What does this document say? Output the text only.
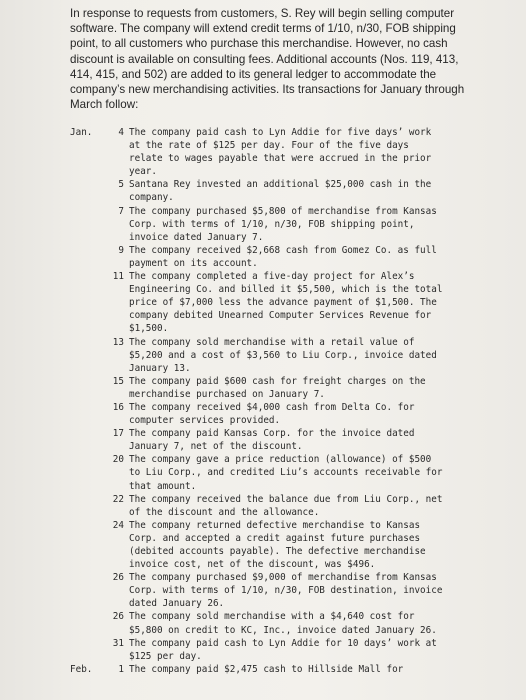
In response to requests from customers, S. Rey will begin selling computer software. The company will extend credit terms of 1/10, n/30, FOB shipping point, to all customers who purchase this merchandise. However, no cash discount is available on consulting fees. Additional accounts (Nos. 119, 413, 414, 415, and 502) are added to its general ledger to accommodate the company’s new merchandising activities. Its transactions for January through March follow:
Jan.	4 The company paid cash to Lyn Addie for five days’ work
at the rate of $125 per day. Four of the five days
relate to wages payable that were accrued in the prior
year.
5 Santana Rey invested an additional $25,000 cash in the
company.
7 The company purchased $5,800 of merchandise from Kansas
Corp. with terms of 1/10, n/30, FOB shipping point,
invoice dated January 7.
9 The company received $2,668 cash from Gomez Co. as full
payment on its account.
11 The company completed a five-day project for Alex’s
Engineering Co. and billed it $5,500, which is the total
price of $7,000 less the advance payment of $1,500. The
company debited Unearned Computer Services Revenue for
$1,500.
13 The company sold merchandise with a retail value of
$5,200 and a cost of $3,560 to Liu Corp., invoice dated
January 13.
15 The company paid $600 cash for freight charges on the
merchandise purchased on January 7.
16 The company received $4,000 cash from Delta Co. for
computer services provided.
17 The company paid Kansas Corp. for the invoice dated
January 7, net of the discount.
20 The company gave a price reduction (allowance) of $500
to Liu Corp., and credited Liu’s accounts receivable for
that amount.
22 The company received the balance due from Liu Corp., net
of the discount and the allowance.
24 The company returned defective merchandise to Kansas
Corp. and accepted a credit against future purchases
(debited accounts payable). The defective merchandise
invoice cost, net of the discount, was $496.
26 The company purchased $9,000 of merchandise from Kansas
Corp. with terms of 1/10, n/30, FOB destination, invoice
dated January 26.
26 The company sold merchandise with a $4,640 cost for
$5,800 on credit to KC, Inc., invoice dated January 26.
31 The company paid cash to Lyn Addie for 10 days’ work at
$125 per day.
Feb.	1 The company paid $2,475 cash to Hillside Mall for
